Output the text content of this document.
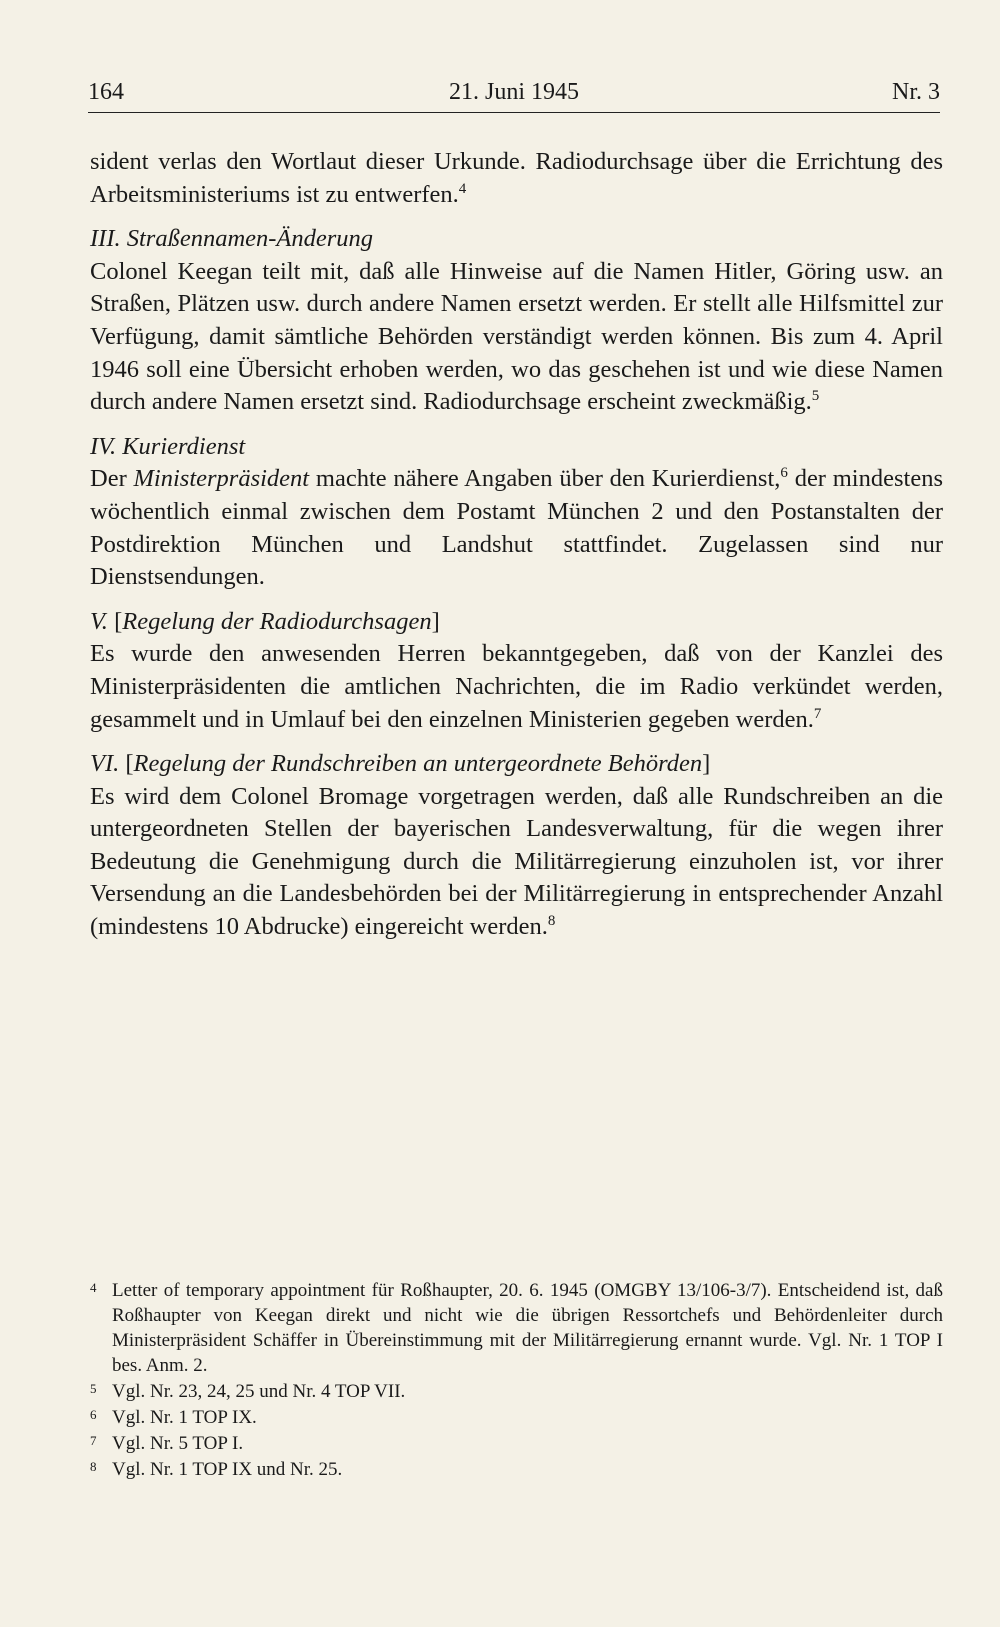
164	21. Juni 1945	Nr. 3

sident verlas den Wortlaut dieser Urkunde. Radiodurchsage über die Errichtung des Arbeitsministeriums ist zu entwerfen.$^4$

III. Straßennamen-Änderung

Colonel Keegan teilt mit, daß alle Hinweise auf die Namen Hitler, Göring usw. an Straßen, Plätzen usw. durch andere Namen ersetzt werden. Er stellt alle Hilfsmittel zur Verfügung, damit sämtliche Behörden verständigt werden können. Bis zum 4. April 1946 soll eine Übersicht erhoben werden, wo das geschehen ist und wie diese Namen durch andere Namen ersetzt sind. Radiodurchsage erscheint zweckmäßig.$^5$

IV. Kurierdienst

Der Ministerpräsident machte nähere Angaben über den Kurierdienst,$^6$ der mindestens wöchentlich einmal zwischen dem Postamt München 2 und den Postanstalten der Postdirektion München und Landshut stattfindet. Zugelassen sind nur Dienstsendungen.

V. [Regelung der Radiodurchsagen]

Es wurde den anwesenden Herren bekanntgegeben, daß von der Kanzlei des Ministerpräsidenten die amtlichen Nachrichten, die im Radio verkündet werden, gesammelt und in Umlauf bei den einzelnen Ministerien gegeben werden.$^7$

VI. [Regelung der Rundschreiben an untergeordnete Behörden]

Es wird dem Colonel Bromage vorgetragen werden, daß alle Rundschreiben an die untergeordneten Stellen der bayerischen Landesverwaltung, für die wegen ihrer Bedeutung die Genehmigung durch die Militärregierung einzuholen ist, vor ihrer Versendung an die Landesbehörden bei der Militärregierung in entsprechender Anzahl (mindestens 10 Abdrucke) eingereicht werden.$^8$

4 Letter of temporary appointment für Roßhaupter, 20. 6. 1945 (OMGBY 13/106-3/7). Entscheidend ist, daß Roßhaupter von Keegan direkt und nicht wie die übrigen Ressortchefs und Behördenleiter durch Ministerpräsident Schäffer in Übereinstimmung mit der Militärregierung ernannt wurde. Vgl. Nr. 1 TOP I bes. Anm. 2.
5 Vgl. Nr. 23, 24, 25 und Nr. 4 TOP VII.
6 Vgl. Nr. 1 TOP IX.
7 Vgl. Nr. 5 TOP I.
8 Vgl. Nr. 1 TOP IX und Nr. 25.
